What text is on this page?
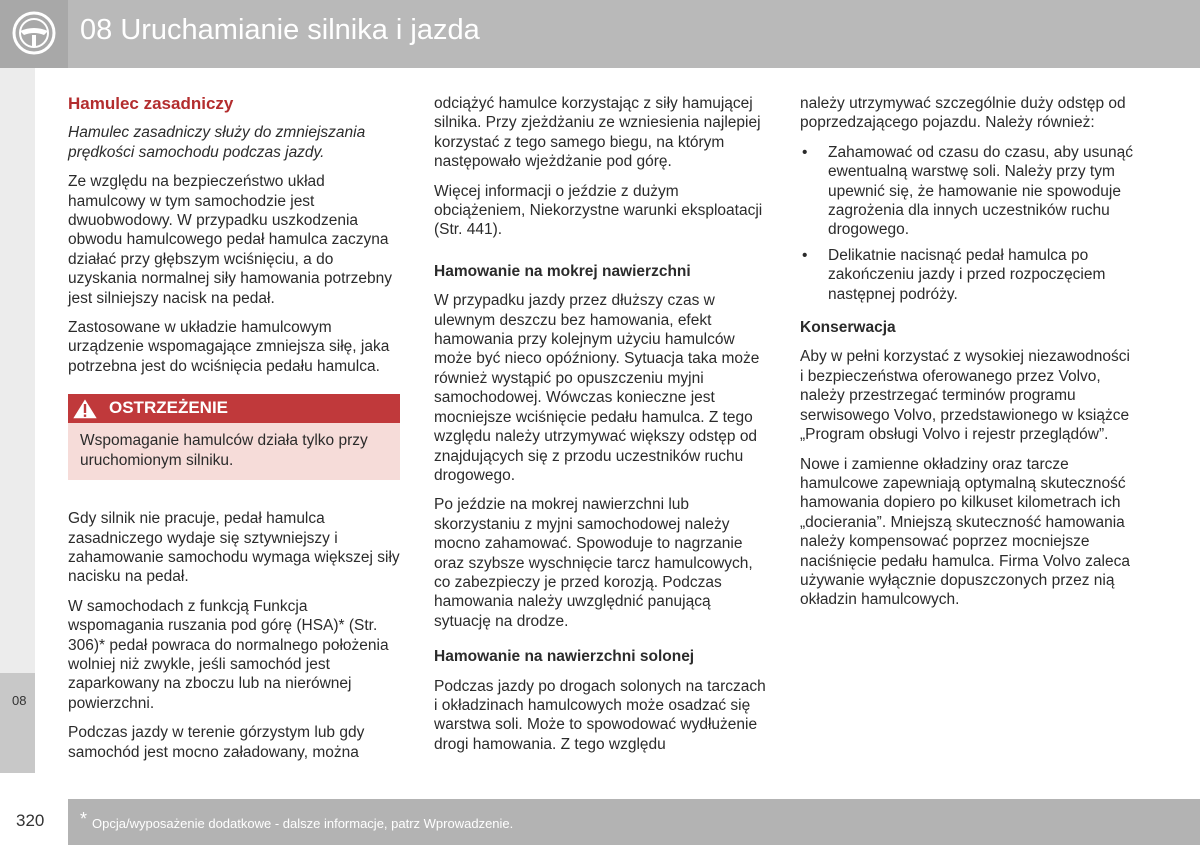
08 Uruchamianie silnika i jazda
08

Hamulec zasadniczy

Hamulec zasadniczy służy do zmniejszania prędkości samochodu podczas jazdy.

Ze względu na bezpieczeństwo układ hamulcowy w tym samochodzie jest dwuobwodowy. W przypadku uszkodzenia obwodu hamulcowego pedał hamulca zaczyna działać przy głębszym wciśnięciu, a do uzyskania normalnej siły hamowania potrzebny jest silniejszy nacisk na pedał.

Zastosowane w układzie hamulcowym urządzenie wspomagające zmniejsza siłę, jaka potrzebna jest do wciśnięcia pedału hamulca.

OSTRZEŻENIE
Wspomaganie hamulców działa tylko przy uruchomionym silniku.

Gdy silnik nie pracuje, pedał hamulca zasadniczego wydaje się sztywniejszy i zahamowanie samochodu wymaga większej siły nacisku na pedał.

W samochodach z funkcją Funkcja wspomagania ruszania pod górę (HSA)* (Str. 306)* pedał powraca do normalnego położenia wolniej niż zwykle, jeśli samochód jest zaparkowany na zboczu lub na nierównej powierzchni.

Podczas jazdy w terenie górzystym lub gdy samochód jest mocno załadowany, można

odciążyć hamulce korzystając z siły hamującej silnika. Przy zjeżdżaniu ze wzniesienia najlepiej korzystać z tego samego biegu, na którym następowało wjeżdżanie pod górę.

Więcej informacji o jeździe z dużym obciążeniem, Niekorzystne warunki eksploatacji (Str. 441).

Hamowanie na mokrej nawierzchni

W przypadku jazdy przez dłuższy czas w ulewnym deszczu bez hamowania, efekt hamowania przy kolejnym użyciu hamulców może być nieco opóźniony. Sytuacja taka może również wystąpić po opuszczeniu myjni samochodowej. Wówczas konieczne jest mocniejsze wciśnięcie pedału hamulca. Z tego względu należy utrzymywać większy odstęp od znajdujących się z przodu uczestników ruchu drogowego.

Po jeździe na mokrej nawierzchni lub skorzystaniu z myjni samochodowej należy mocno zahamować. Spowoduje to nagrzanie oraz szybsze wyschnięcie tarcz hamulcowych, co zabezpieczy je przed korozją. Podczas hamowania należy uwzględnić panującą sytuację na drodze.

Hamowanie na nawierzchni solonej

Podczas jazdy po drogach solonych na tarczach i okładzinach hamulcowych może osadzać się warstwa soli. Może to spowodować wydłużenie drogi hamowania. Z tego względu

należy utrzymywać szczególnie duży odstęp od poprzedzającego pojazdu. Należy również:

• Zahamować od czasu do czasu, aby usunąć ewentualną warstwę soli. Należy przy tym upewnić się, że hamowanie nie spowoduje zagrożenia dla innych uczestników ruchu drogowego.
• Delikatnie nacisnąć pedał hamulca po zakończeniu jazdy i przed rozpoczęciem następnej podróży.

Konserwacja

Aby w pełni korzystać z wysokiej niezawodności i bezpieczeństwa oferowanego przez Volvo, należy przestrzegać terminów programu serwisowego Volvo, przedstawionego w książce „Program obsługi Volvo i rejestr przeglądów”.

Nowe i zamienne okładziny oraz tarcze hamulcowe zapewniają optymalną skuteczność hamowania dopiero po kilkuset kilometrach ich „docierania”. Mniejszą skuteczność hamowania należy kompensować poprzez mocniejsze naciśnięcie pedału hamulca. Firma Volvo zaleca używanie wyłącznie dopuszczonych przez nią okładzin hamulcowych.

320 * Opcja/wyposażenie dodatkowe - dalsze informacje, patrz Wprowadzenie.
